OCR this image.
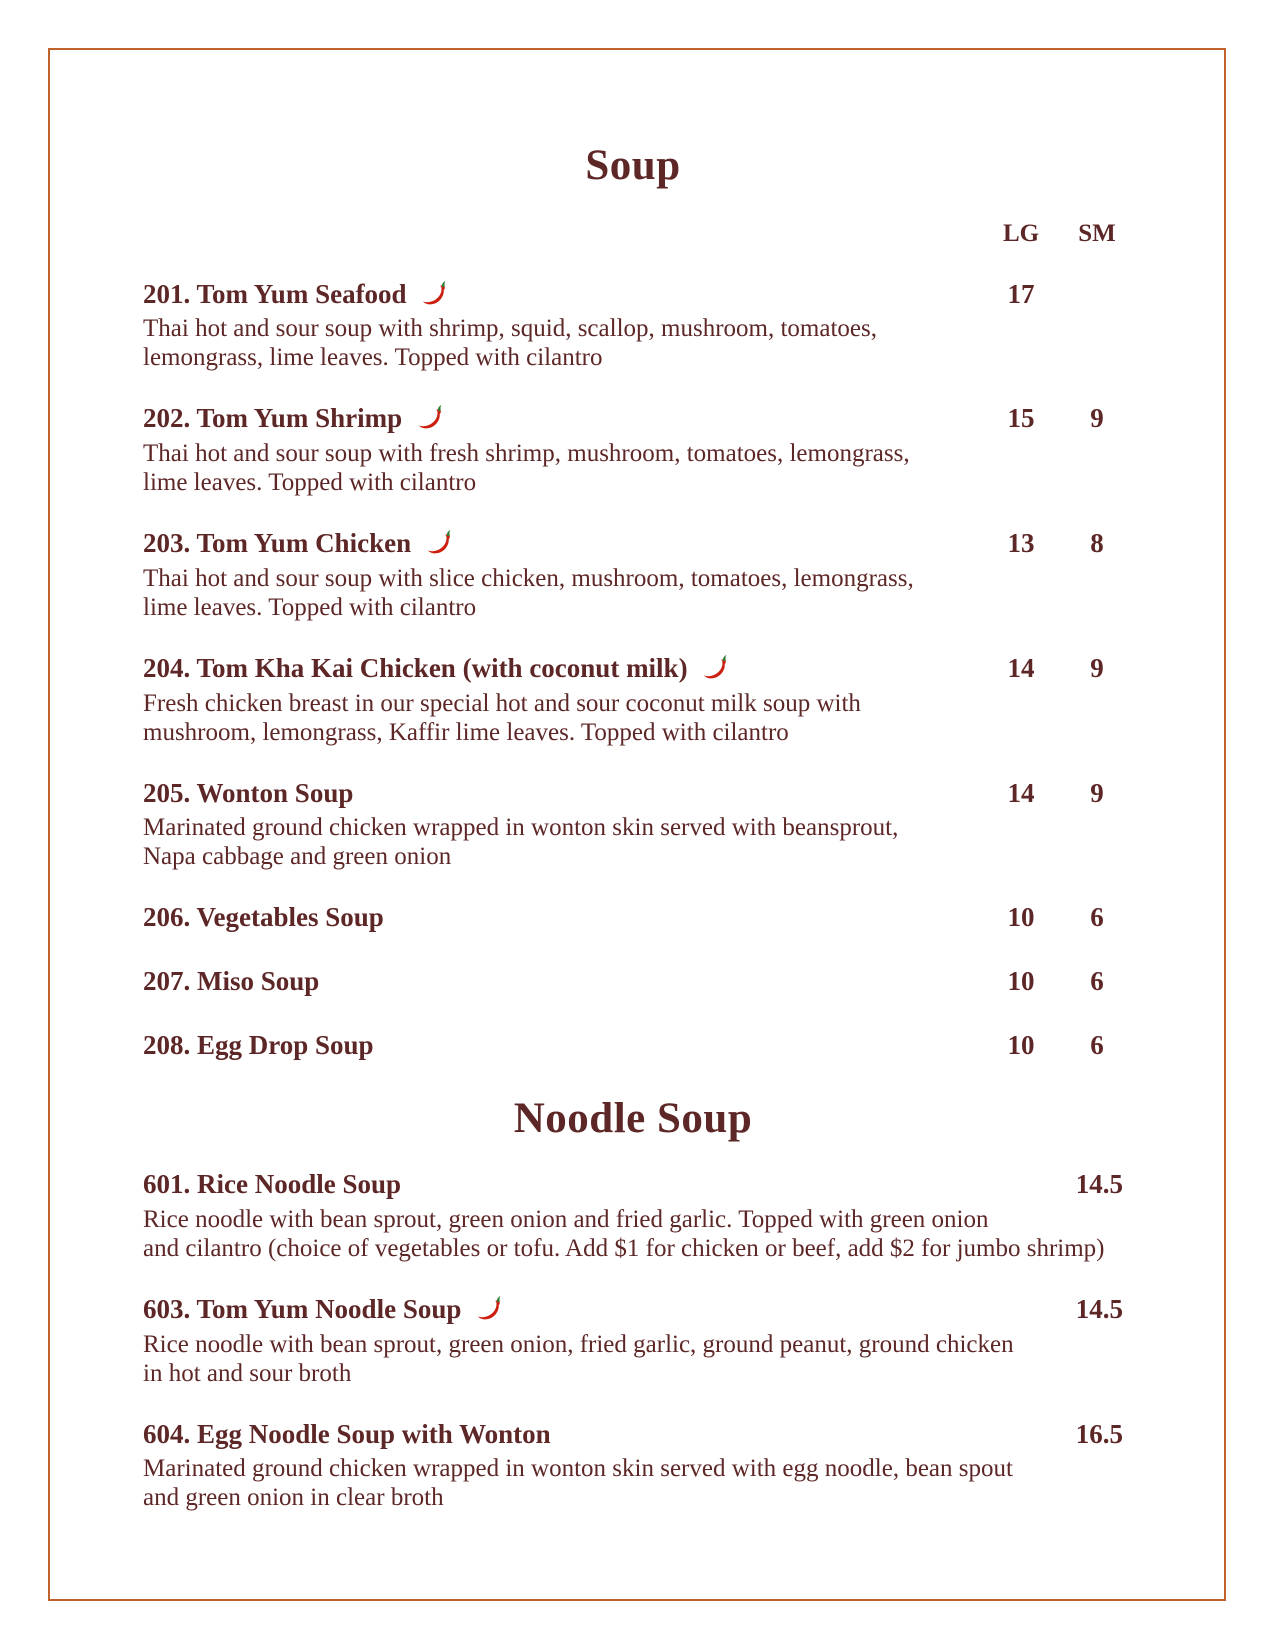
Soup
LG	SM
201. Tom Yum Seafood	17
Thai hot and sour soup with shrimp, squid, scallop, mushroom, tomatoes,
lemongrass, lime leaves. Topped with cilantro
202. Tom Yum Shrimp	15	9
Thai hot and sour soup with fresh shrimp, mushroom, tomatoes, lemongrass,
lime leaves. Topped with cilantro
203. Tom Yum Chicken	13	8
Thai hot and sour soup with slice chicken, mushroom, tomatoes, lemongrass,
lime leaves. Topped with cilantro
204. Tom Kha Kai Chicken (with coconut milk)	14	9
Fresh chicken breast in our special hot and sour coconut milk soup with
mushroom, lemongrass, Kaffir lime leaves. Topped with cilantro
205. Wonton Soup	14	9
Marinated ground chicken wrapped in wonton skin served with beansprout,
Napa cabbage and green onion
206. Vegetables Soup	10	6
207. Miso Soup	10	6
208. Egg Drop Soup	10	6
Noodle Soup
601. Rice Noodle Soup	14.5
Rice noodle with bean sprout, green onion and fried garlic. Topped with green onion
and cilantro (choice of vegetables or tofu. Add $1 for chicken or beef, add $2 for jumbo shrimp)
603. Tom Yum Noodle Soup	14.5
Rice noodle with bean sprout, green onion, fried garlic, ground peanut, ground chicken
in hot and sour broth
604. Egg Noodle Soup with Wonton	16.5
Marinated ground chicken wrapped in wonton skin served with egg noodle, bean spout
and green onion in clear broth
